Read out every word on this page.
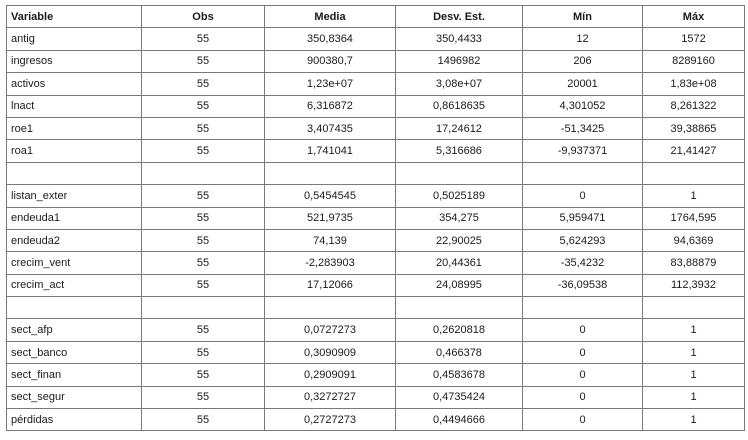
Variable	Obs	Media	Desv. Est.	Mín	Máx
antig	55	350,8364	350,4433	12	1572
ingresos	55	900380,7	1496982	206	8289160
activos	55	1,23e+07	3,08e+07	20001	1,83e+08
lnact	55	6,316872	0,8618635	4,301052	8,261322
roe1	55	3,407435	17,24612	-51,3425	39,38865
roa1	55	1,741041	5,316686	-9,937371	21,41427

listan_exter	55	0,5454545	0,5025189	0	1
endeuda1	55	521,9735	354,275	5,959471	1764,595
endeuda2	55	74,139	22,90025	5,624293	94,6369
crecim_vent	55	-2,283903	20,44361	-35,4232	83,88879
crecim_act	55	17,12066	24,08995	-36,09538	112,3932

sect_afp	55	0,0727273	0,2620818	0	1
sect_banco	55	0,3090909	0,466378	0	1
sect_finan	55	0,2909091	0,4583678	0	1
sect_segur	55	0,3272727	0,4735424	0	1
pérdidas	55	0,2727273	0,4494666	0	1
